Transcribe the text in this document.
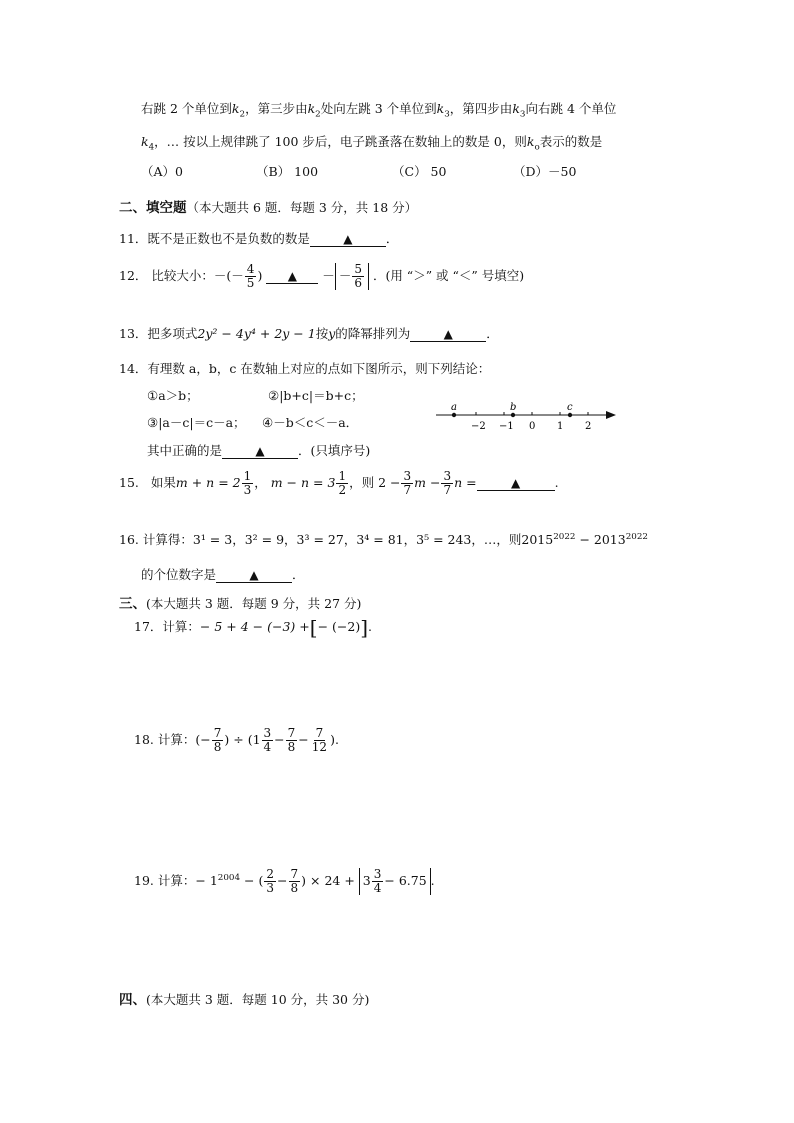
右跳 2 个单位到$k_2$，第三步由$k_2$处向左跳 3 个单位到$k_3$，第四步由$k_3$向右跳 4 个单位
$k_4$，… 按以上规律跳了 100 步后，电子跳蚤落在数轴上的数是 0，则$k_o$表示的数是
（A）0	（B） 100	（C） 50	（D）－50
二、填空题（本大题共 6 题．每题 3 分，共 18 分）
11．既不是正数也不是负数的数是	▲	．
12． 比较大小：－(－ $\frac{4}{5}$ ) ▲ － － $\frac{5}{6}$ ．(用 “＞” 或 “＜” 号填空)
13．把多项式2y² − 4y⁴ + 2y − 1按y的降幂排列为	▲	．
14．有理数 a，b，c 在数轴上对应的点如下图所示，则下列结论：
①a＞b；	②|b+c|＝b+c；
③|a－c|＝c－a； ④－b＜c＜－a．
a	b	c
−2 −1 0 1 2
其中正确的是	▲	．(只填序号)
15. 如果$m + n = 2 \frac{1}{3}$ ， $m - n = 3 \frac{1}{2}$ ，则 $2 - \frac{3}{7}$ $m - \frac{3}{7}$ n =	▲	.
16. 计算得：3¹ = 3，3² = 9，3³ = 27，3⁴ = 81，3⁵ = 243，…，则$2015^{2022} - 2013^{2022}$
的个位数字是	▲	．
三、(本大题共 3 题．每题 9 分，共 27 分)
17．计算：− 5 + 4 − (−3) +[− (−2)].
18. 计算：(− $\frac{7}{8}$ ) ÷ ($1 \frac{3}{4} - \frac{7}{8} - \frac{7}{12}$ ).
19. 计算：− $1^{2004}$ − ( $\frac{2}{3} - \frac{7}{8}$ ) × $24 + 3 \frac{3}{4} - 6.75$ .
四、(本大题共 3 题．每题 10 分，共 30 分)
